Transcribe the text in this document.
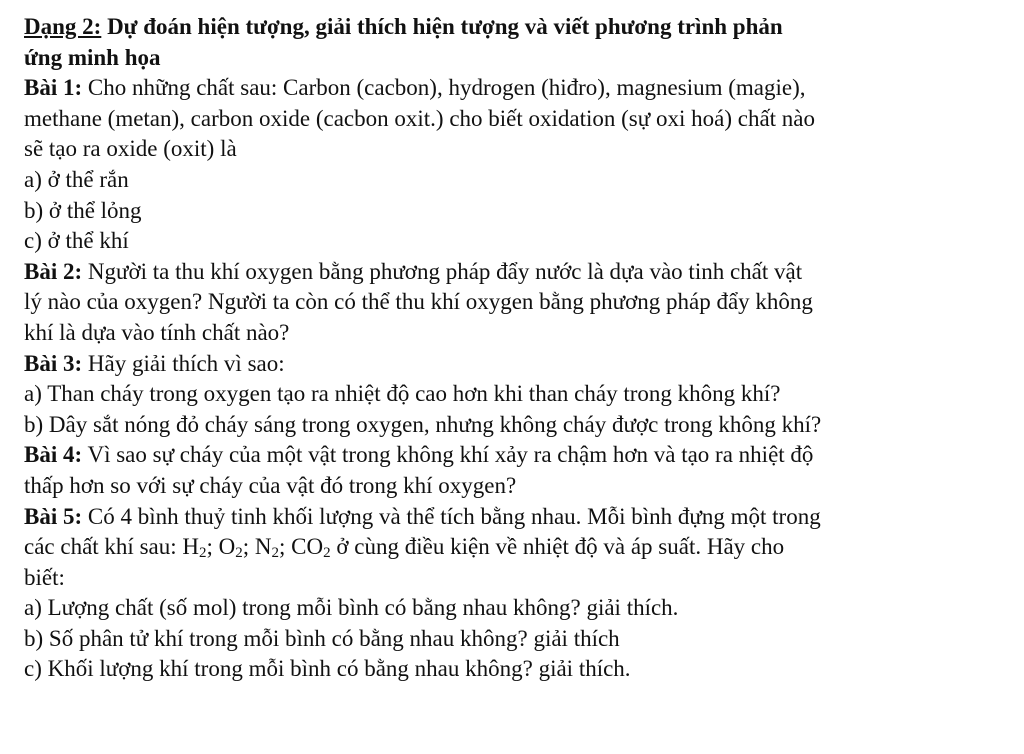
Dạng 2: Dự đoán hiện tượng, giải thích hiện tượng và viết phương trình phản

ứng minh họa

Bài 1: Cho những chất sau: Carbon (cacbon), hydrogen (hiđro), magnesium (magie),

methane (metan), carbon oxide (cacbon oxit.) cho biết oxidation (sự oxi hoá) chất nào

sẽ tạo ra oxide (oxit) là

a) ở thể rắn

b) ở thể lỏng

c) ở thể khí

Bài 2: Người ta thu khí oxygen bằng phương pháp đẩy nước là dựa vào tinh chất vật

lý nào của oxygen? Người ta còn có thể thu khí oxygen bằng phương pháp đẩy không

khí là dựa vào tính chất nào?

Bài 3: Hãy giải thích vì sao:

a) Than cháy trong oxygen tạo ra nhiệt độ cao hơn khi than cháy trong không khí?

b) Dây sắt nóng đỏ cháy sáng trong oxygen, nhưng không cháy được trong không khí?

Bài 4: Vì sao sự cháy của một vật trong không khí xảy ra chậm hơn và tạo ra nhiệt độ

thấp hơn so với sự cháy của vật đó trong khí oxygen?

Bài 5: Có 4 bình thuỷ tinh khối lượng và thể tích bằng nhau. Mỗi bình đựng một trong

các chất khí sau: $H_2$; $O_2$; $N_2$; $CO_2$ ở cùng điều kiện về nhiệt độ và áp suất. Hãy cho

biết:

a) Lượng chất (số mol) trong mỗi bình có bằng nhau không? giải thích.

b) Số phân tử khí trong mỗi bình có bằng nhau không? giải thích

c) Khối lượng khí trong mỗi bình có bằng nhau không? giải thích.
